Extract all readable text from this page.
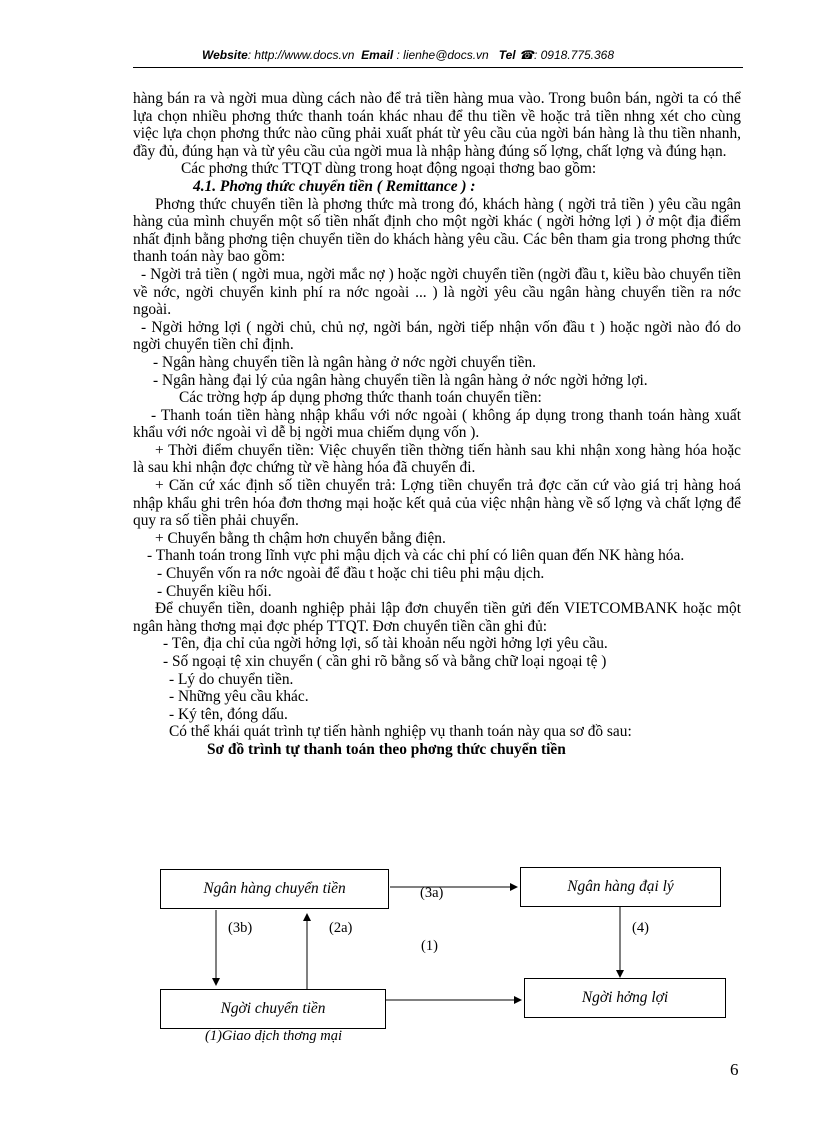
Website: http://www.docs.vn Email : lienhe@docs.vn Tel ☎: 0918.775.368

hàng bán ra và ngời mua dùng cách nào để trả tiền hàng mua vào. Trong buôn bán, ngời ta có thể lựa chọn nhiều phơng thức thanh toán khác nhau để thu tiền về hoặc trả tiền nhng xét cho cùng việc lựa chọn phơng thức nào cũng phải xuất phát từ yêu cầu của ngời bán hàng là thu tiền nhanh, đầy đủ, đúng hạn và từ yêu cầu của ngời mua là nhập hàng đúng số lợng, chất lợng và đúng hạn.

Các phơng thức TTQT dùng trong hoạt động ngoại thơng bao gồm:

4.1. Phơng thức chuyển tiền ( Remittance ) :

Phơng thức chuyển tiền là phơng thức mà trong đó, khách hàng ( ngời trả tiền ) yêu cầu ngân hàng của mình chuyển một số tiền nhất định cho một ngời khác ( ngời hởng lợi ) ở một địa điểm nhất định bằng phơng tiện chuyển tiền do khách hàng yêu cầu. Các bên tham gia trong phơng thức thanh toán này bao gồm:

- Ngời trả tiền ( ngời mua, ngời mắc nợ ) hoặc ngời chuyển tiền (ngời đầu t, kiều bào chuyển tiền về nớc, ngời chuyển kinh phí ra nớc ngoài ... ) là ngời yêu cầu ngân hàng chuyển tiền ra nớc ngoài.

- Ngời hởng lợi ( ngời chủ, chủ nợ, ngời bán, ngời tiếp nhận vốn đầu t ) hoặc ngời nào đó do ngời chuyển tiền chỉ định.

- Ngân hàng chuyển tiền là ngân hàng ở nớc ngời chuyển tiền.

- Ngân hàng đại lý của ngân hàng chuyển tiền là ngân hàng ở nớc ngời hởng lợi.

Các trờng hợp áp dụng phơng thức thanh toán chuyển tiền:

- Thanh toán tiền hàng nhập khẩu với nớc ngoài ( không áp dụng trong thanh toán hàng xuất khẩu với nớc ngoài vì dễ bị ngời mua chiếm dụng vốn ).

+ Thời điểm chuyển tiền: Việc chuyển tiền thờng tiến hành sau khi nhận xong hàng hóa hoặc là sau khi nhận đợc chứng từ về hàng hóa đã chuyển đi.

+ Căn cứ xác định số tiền chuyển trả: Lợng tiền chuyển trả đợc căn cứ vào giá trị hàng hoá nhập khẩu ghi trên hóa đơn thơng mại hoặc kết quả của việc nhận hàng về số lợng và chất lợng để quy ra số tiền phải chuyển.

+ Chuyển bằng th chậm hơn chuyển bằng điện.

- Thanh toán trong lĩnh vực phi mậu dịch và các chi phí có liên quan đến NK hàng hóa.

- Chuyển vốn ra nớc ngoài để đầu t hoặc chi tiêu phi mậu dịch.

- Chuyển kiều hối.

Để chuyển tiền, doanh nghiệp phải lập đơn chuyển tiền gửi đến VIETCOMBANK hoặc một ngân hàng thơng mại đợc phép TTQT. Đơn chuyển tiền cần ghi đủ:

- Tên, địa chỉ của ngời hởng lợi, số tài khoản nếu ngời hởng lợi yêu cầu.

- Số ngoại tệ xin chuyển ( cần ghi rõ bằng số và bằng chữ loại ngoại tệ )

- Lý do chuyển tiền.

- Những yêu cầu khác.

- Ký tên, đóng dấu.

Có thể khái quát trình tự tiến hành nghiệp vụ thanh toán này qua sơ đồ sau:

Sơ đồ trình tự thanh toán theo phơng thức chuyển tiền

Ngân hàng chuyển tiền	Ngân hàng đại lý
Ngời chuyển tiền
Ngời hởng lợi
(3a)
(3b)	(2a)
(1)
(4)
(1)Giao dịch thơng mại
6
